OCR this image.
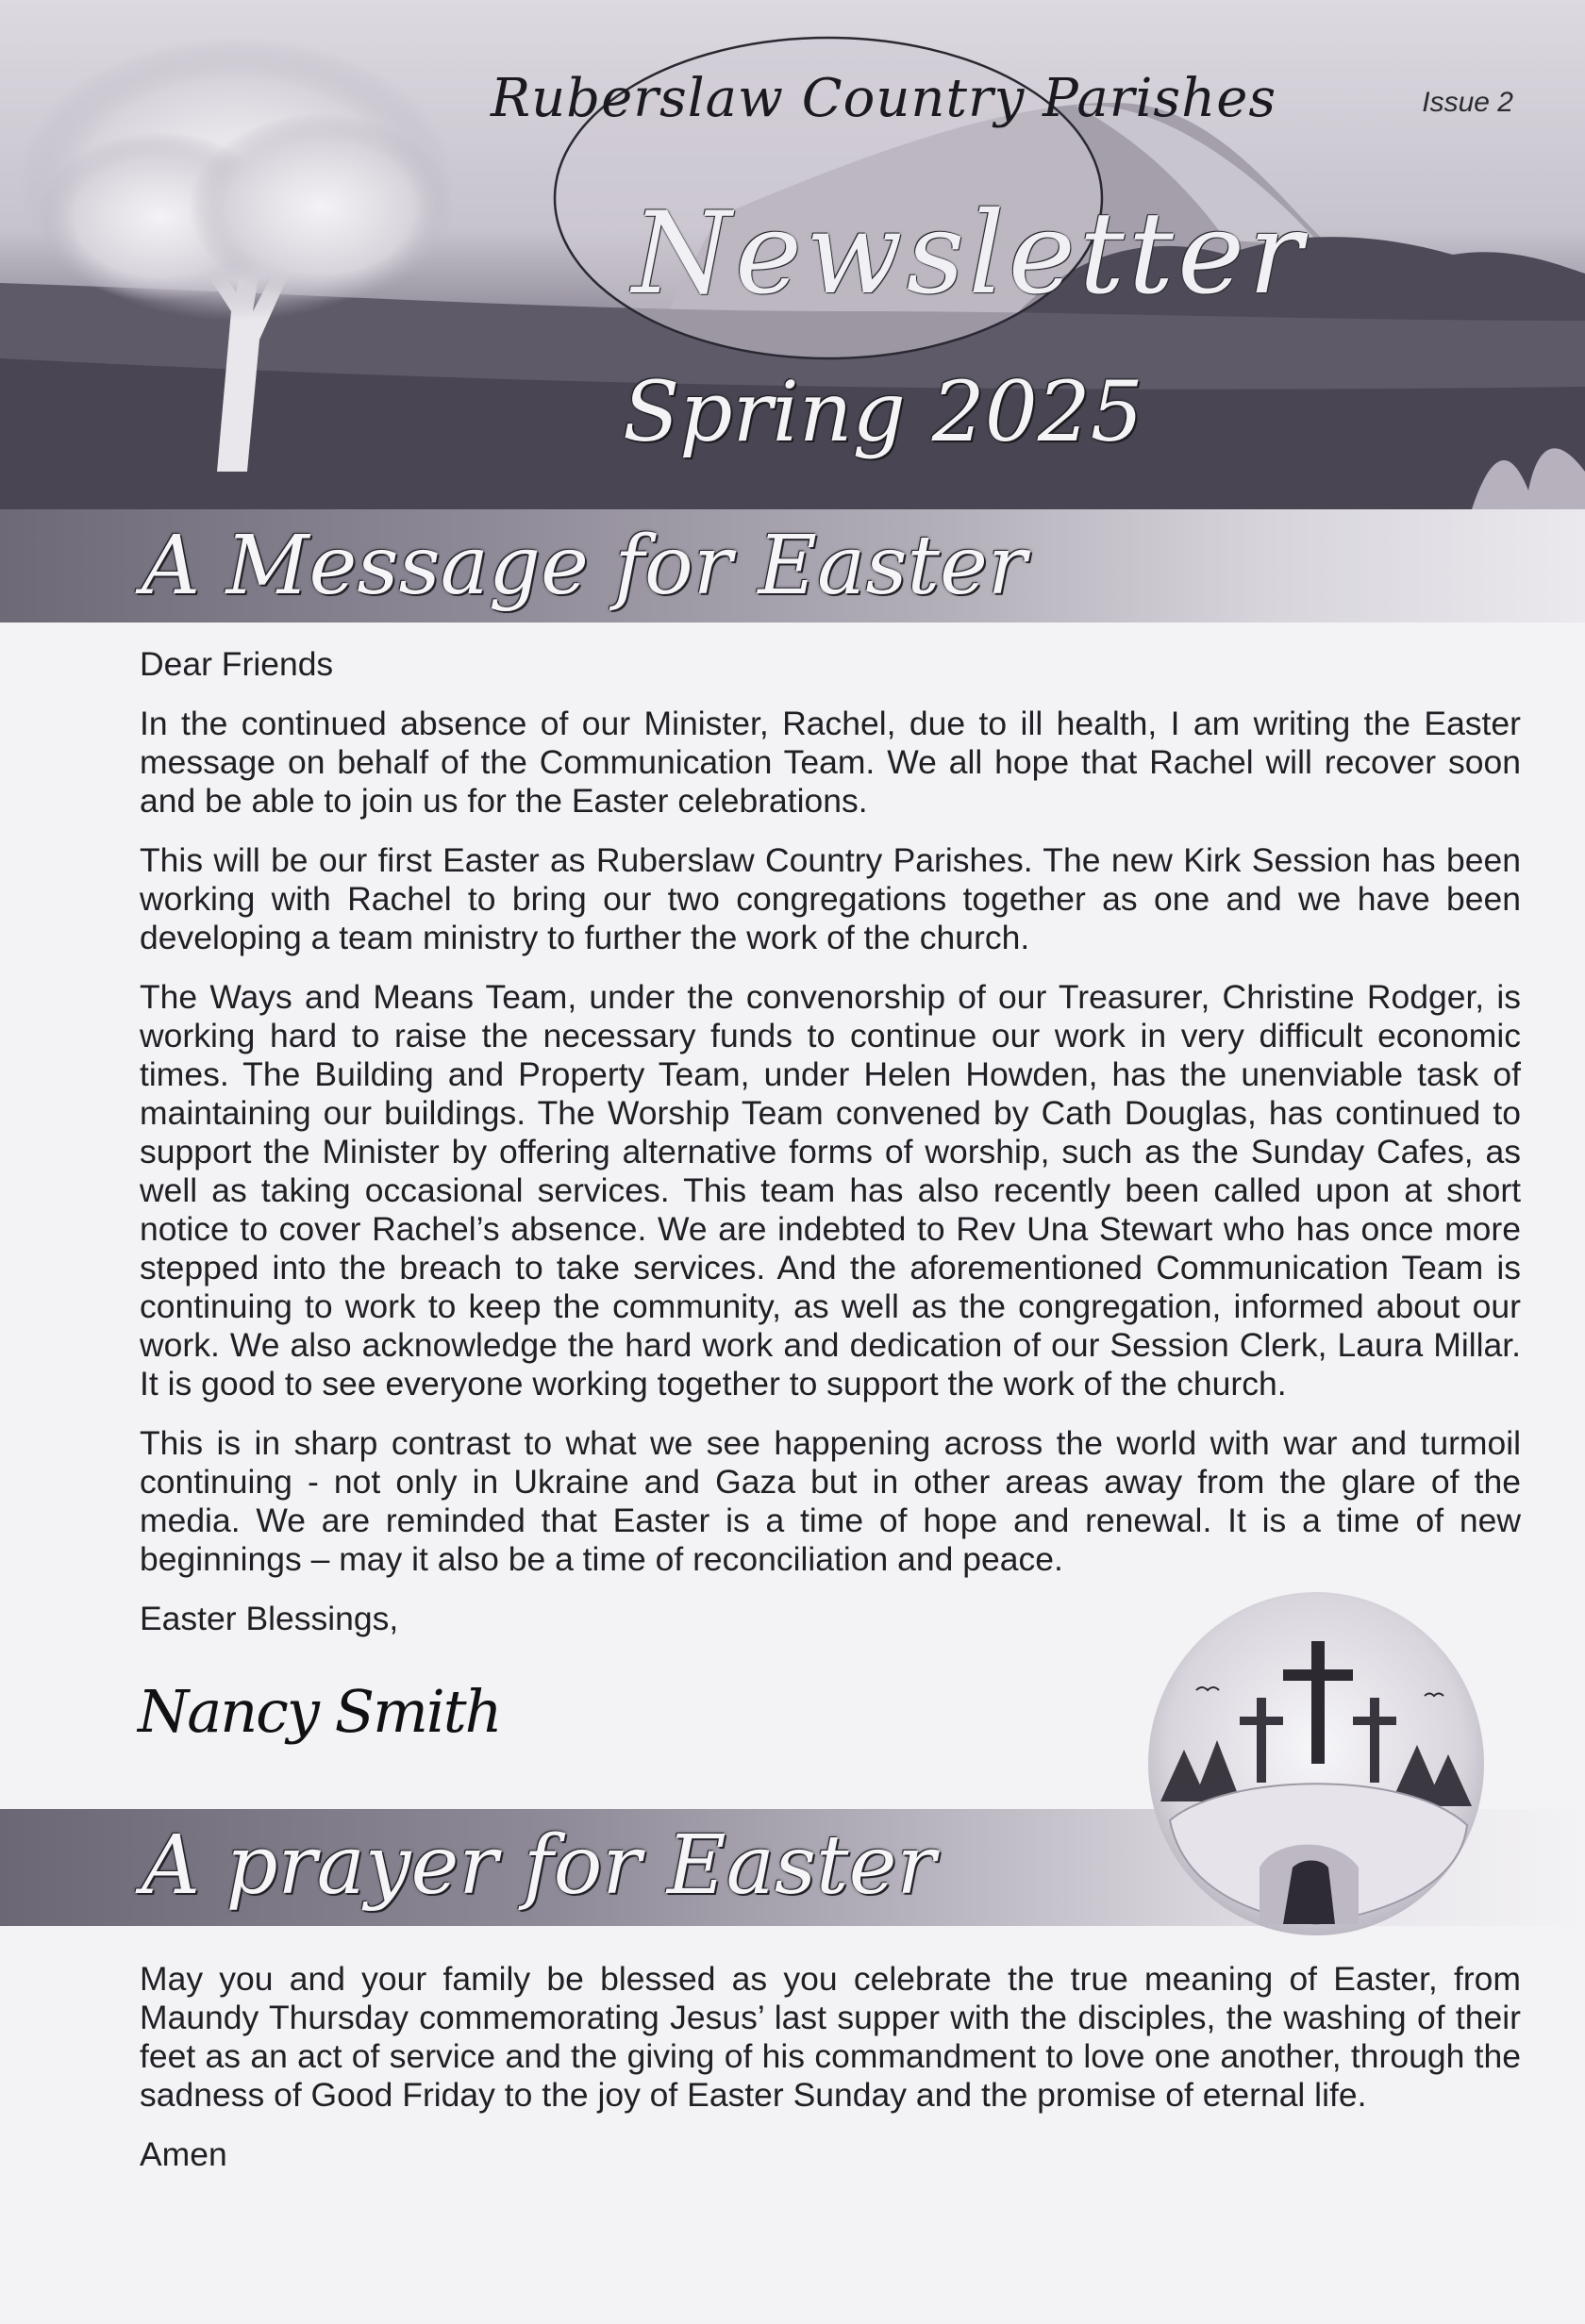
Ruberslaw Country Parishes
Newsletter
Spring 2025
Issue 2
A Message for Easter

Dear Friends

In the continued absence of our Minister, Rachel, due to ill health, I am writing the Easter message on behalf of the Communication Team. We all hope that Rachel will recover soon and be able to join us for the Easter celebrations.

This will be our first Easter as Ruberslaw Country Parishes. The new Kirk Session has been working with Rachel to bring our two congregations together as one and we have been developing a team ministry to further the work of the church.

The Ways and Means Team, under the convenorship of our Treasurer, Christine Rodger, is working hard to raise the necessary funds to continue our work in very difficult economic times. The Building and Property Team, under Helen Howden, has the unenviable task of maintaining our buildings. The Worship Team convened by Cath Douglas, has continued to support the Minister by offering alternative forms of worship, such as the Sunday Cafes, as well as taking occasional services. This team has also recently been called upon at short notice to cover Rachel’s absence. We are indebted to Rev Una Stewart who has once more stepped into the breach to take services. And the aforementioned Communication Team is continuing to work to keep the community, as well as the congregation, informed about our work. We also acknowledge the hard work and dedication of our Session Clerk, Laura Millar. It is good to see everyone working together to support the work of the church.

This is in sharp contrast to what we see happening across the world with war and turmoil continuing - not only in Ukraine and Gaza but in other areas away from the glare of the media. We are reminded that Easter is a time of hope and renewal. It is a time of new beginnings – may it also be a time of reconciliation and peace.

Easter Blessings,

Nancy Smith
A prayer for Easter

May you and your family be blessed as you celebrate the true meaning of Easter, from Maundy Thursday commemorating Jesus’ last supper with the disciples, the washing of their feet as an act of service and the giving of his commandment to love one another, through the sadness of Good Friday to the joy of Easter Sunday and the promise of eternal life.

Amen
